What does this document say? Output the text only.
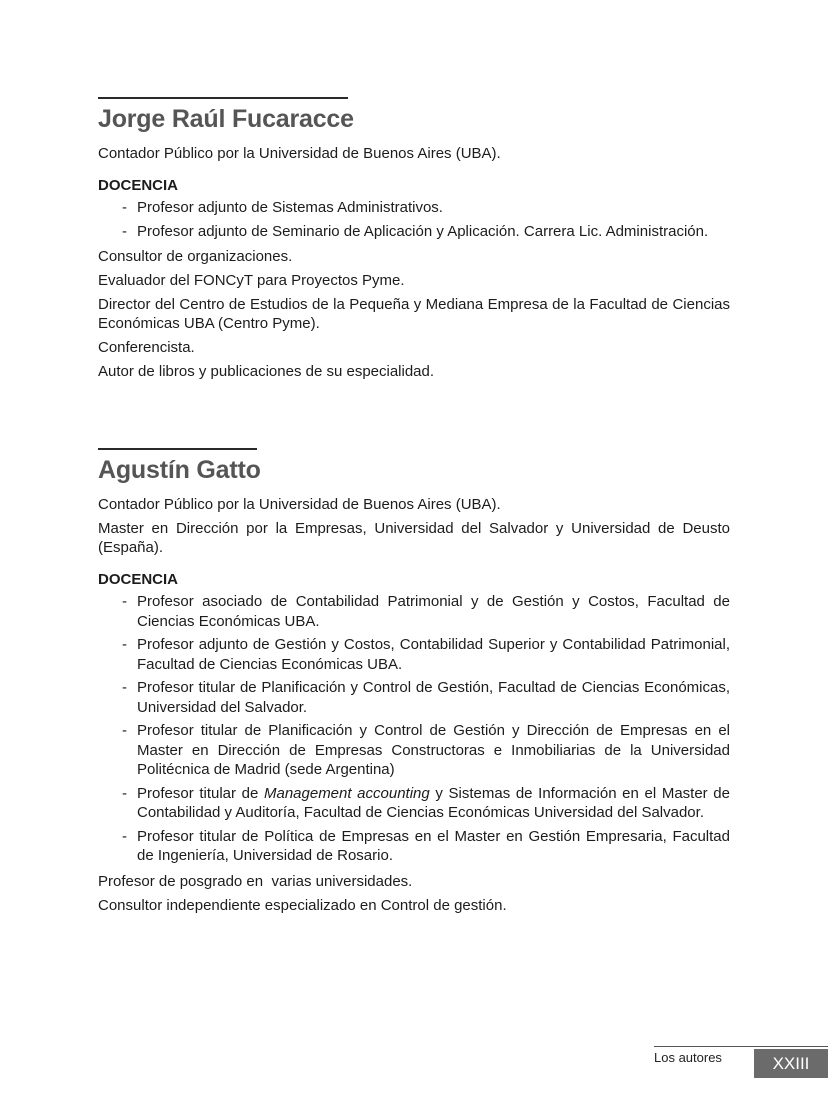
Jorge Raúl Fucaracce

Contador Público por la Universidad de Buenos Aires (UBA).

DOCENCIA
- Profesor adjunto de Sistemas Administrativos.
- Profesor adjunto de Seminario de Aplicación y Aplicación. Carrera Lic. Administración.

Consultor de organizaciones.

Evaluador del FONCyT para Proyectos Pyme.

Director del Centro de Estudios de la Pequeña y Mediana Empresa de la Facultad de Ciencias Económicas UBA (Centro Pyme).

Conferencista.

Autor de libros y publicaciones de su especialidad.

Agustín Gatto

Contador Público por la Universidad de Buenos Aires (UBA).

Master en Dirección por la Empresas, Universidad del Salvador y Universidad de Deusto (España).

DOCENCIA
- Profesor asociado de Contabilidad Patrimonial y de Gestión y Costos, Facultad de Ciencias Económicas UBA.
- Profesor adjunto de Gestión y Costos, Contabilidad Superior y Contabilidad Patrimonial, Facultad de Ciencias Económicas UBA.
- Profesor titular de Planificación y Control de Gestión, Facultad de Ciencias Económicas, Universidad del Salvador.
- Profesor titular de Planificación y Control de Gestión y Dirección de Empresas en el Master en Dirección de Empresas Constructoras e Inmobiliarias de la Universidad Politécnica de Madrid (sede Argentina)
- Profesor titular de Management accounting y Sistemas de Información en el Master de Contabilidad y Auditoría, Facultad de Ciencias Económicas Universidad del Salvador.
- Profesor titular de Política de Empresas en el Master en Gestión Empresaria, Facultad de Ingeniería, Universidad de Rosario.

Profesor de posgrado en  varias universidades.

Consultor independiente especializado en Control de gestión.

Los autores	XXIII
